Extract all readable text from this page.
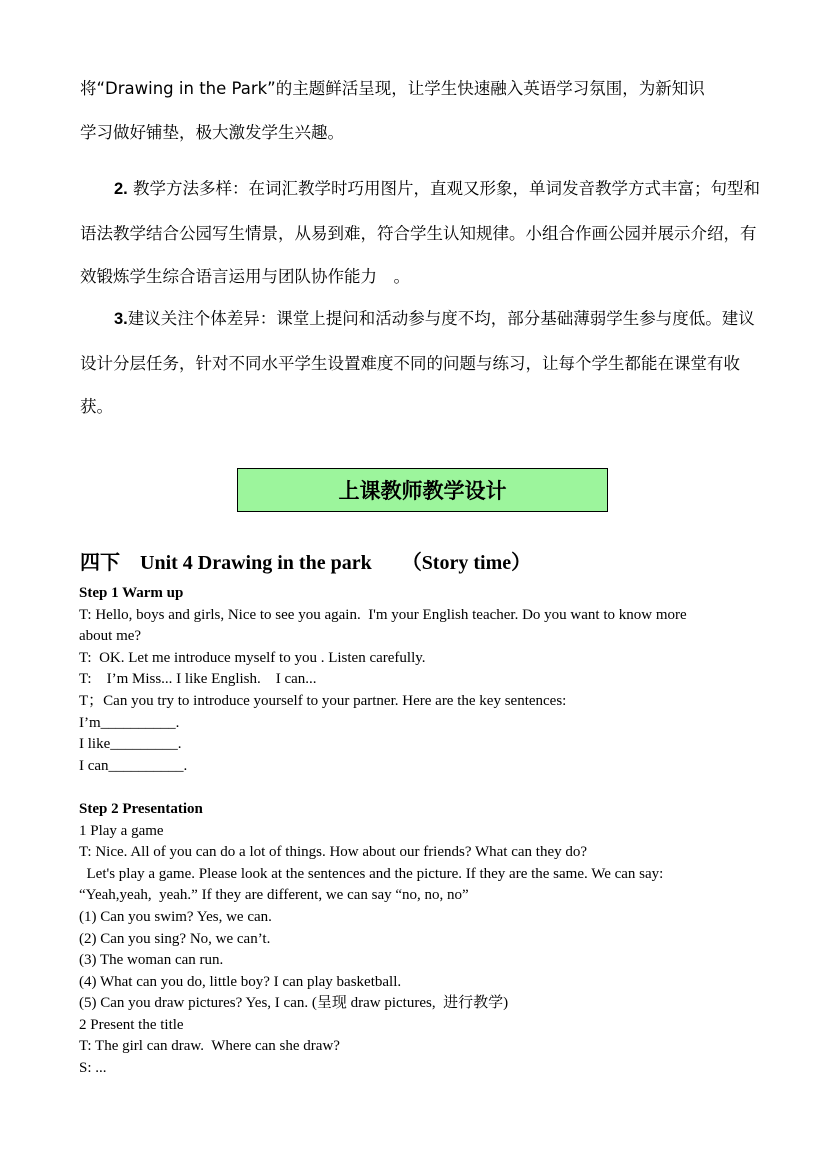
将“Drawing in the Park”的主题鲜活呈现，让学生快速融入英语学习氛围，为新知识
学习做好铺垫，极大激发学生兴趣。

2. 教学方法多样：在词汇教学时巧用图片，直观又形象，单词发音教学方式丰富；句型和语法教学结合公园写生情景，从易到难，符合学生认知规律。小组合作画公园并展示介绍，有效锻炼学生综合语言运用与团队协作能力　。

3.建议关注个体差异：课堂上提问和活动参与度不均，部分基础薄弱学生参与度低。建议设计分层任务，针对不同水平学生设置难度不同的问题与练习，让每个学生都能在课堂有收获。

上课教师教学设计
四下　Unit 4 Drawing in the park　　（Story time）

Step 1 Warm up

T: Hello, boys and girls, Nice to see you again.  I'm your English teacher. Do you want to know more

about me?

T:  OK. Let me introduce myself to you . Listen carefully.

T:    I’m Miss... I like English.    I can...

T；Can you try to introduce yourself to your partner. Here are the key sentences:

I’m__________.

I like_________.

I can__________.

Step 2 Presentation

1 Play a game

T: Nice. All of you can do a lot of things. How about our friends? What can they do?

Let's play a game. Please look at the sentences and the picture. If they are the same. We can say:

“Yeah,yeah,  yeah.” If they are different, we can say “no, no, no”

(1) Can you swim? Yes, we can.

(2) Can you sing? No, we can’t.

(3) The woman can run.

(4) What can you do, little boy? I can play basketball.

(5) Can you draw pictures? Yes, I can. (呈现 draw pictures,  进行教学)

2 Present the title

T: The girl can draw.  Where can she draw?

S: ...
